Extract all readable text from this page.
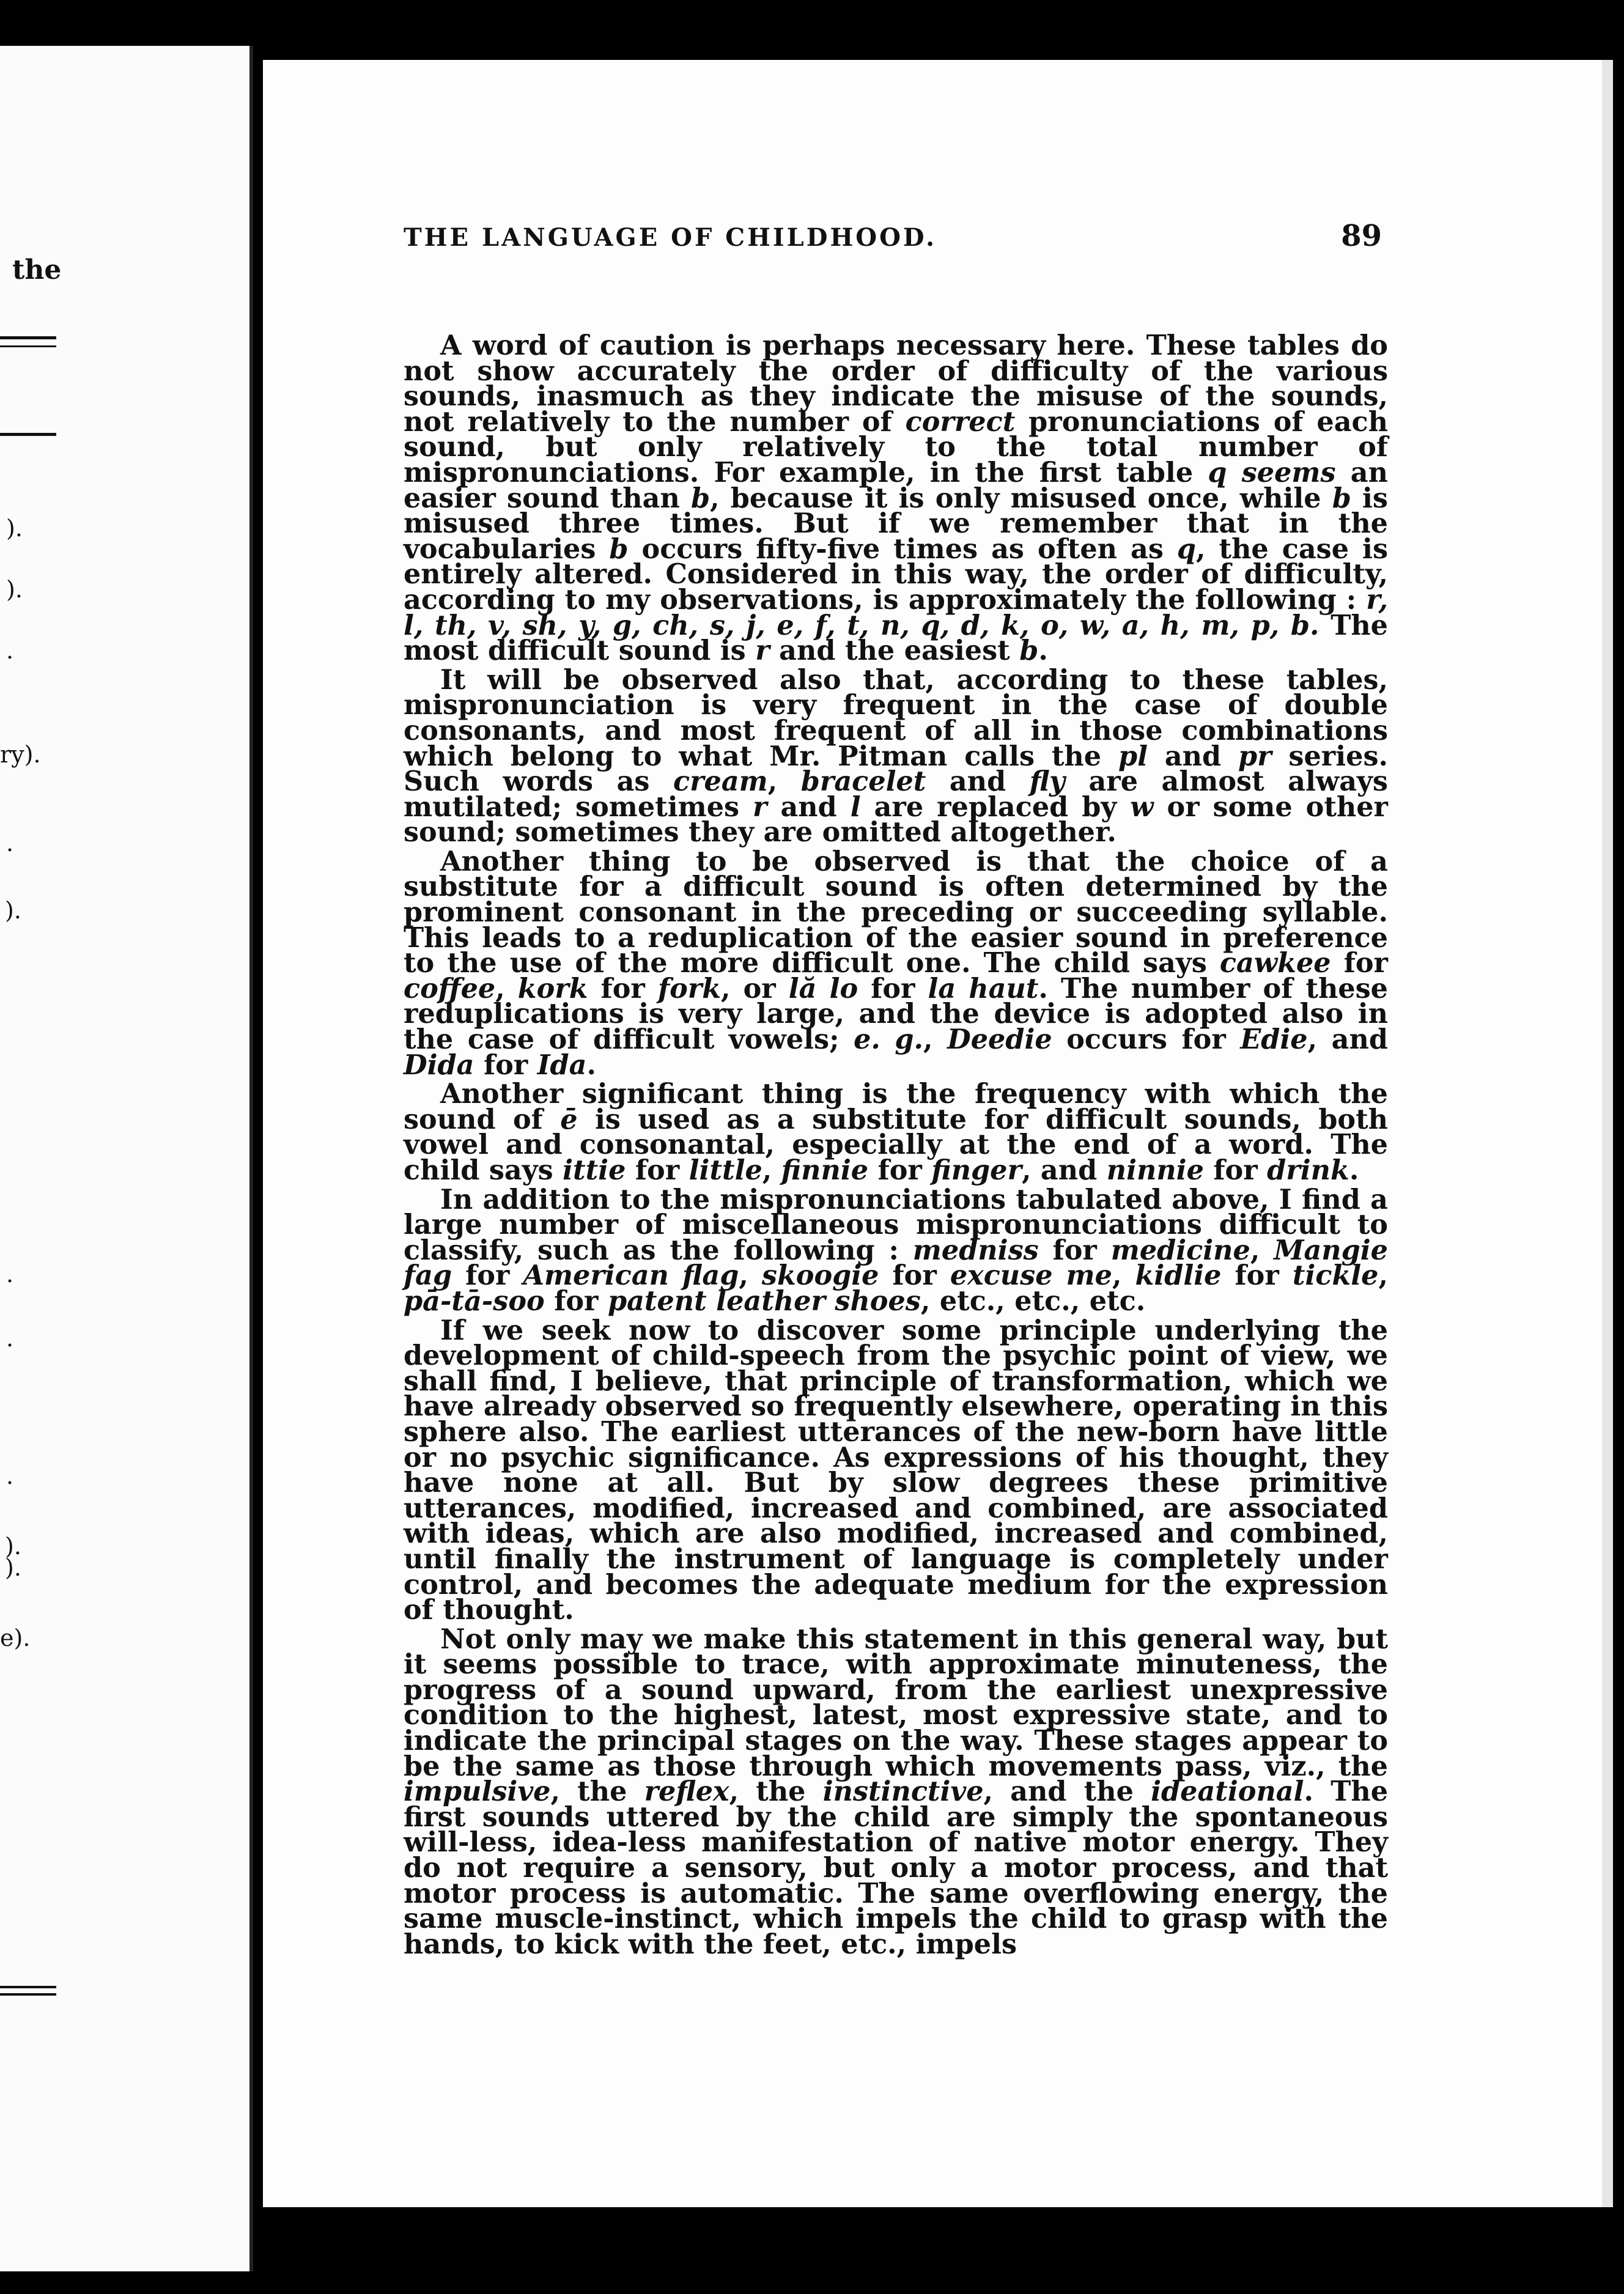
the
).
).
.
ry).
.
).
.
.
.
).
).
e).
THE LANGUAGE OF CHILDHOOD.	89

A word of caution is perhaps necessary here. These tables do not show accurately the order of difficulty of the various sounds, inasmuch as they indicate the misuse of the sounds, not relatively to the number of correct pronunciations of each sound, but only relatively to the total number of mispronunciations. For example, in the first table q seems an easier sound than b, because it is only misused once, while b is misused three times. But if we remember that in the vocabularies b occurs fifty-five times as often as q, the case is entirely altered. Considered in this way, the order of difficulty, according to my observations, is approximately the following : r, l, th, v, sh, y, g, ch, s, j, e, f, t, n, q, d, k, o, w, a, h, m, p, b. The most difficult sound is r and the easiest b.

It will be observed also that, according to these tables, mispronunciation is very frequent in the case of double consonants, and most frequent of all in those combinations which belong to what Mr. Pitman calls the pl and pr series. Such words as cream, bracelet and fly are almost always mutilated; sometimes r and l are replaced by w or some other sound; sometimes they are omitted altogether.

Another thing to be observed is that the choice of a substitute for a difficult sound is often determined by the prominent consonant in the preceding or succeeding syllable. This leads to a reduplication of the easier sound in preference to the use of the more difficult one. The child says cawkee for coffee, kork for fork, or lă lo for la haut. The number of these reduplications is very large, and the device is adopted also in the case of difficult vowels; e. g., Deedie occurs for Edie, and Dida for Ida.

Another significant thing is the frequency with which the sound of ē is used as a substitute for difficult sounds, both vowel and consonantal, especially at the end of a word. The child says ittie for little, finnie for finger, and ninnie for drink.

In addition to the mispronunciations tabulated above, I find a large number of miscellaneous mispronunciations difficult to classify, such as the following : medniss for medicine, Mangie fag for American flag, skoogie for excuse me, kidlie for tickle, pā-tā-soo for patent leather shoes, etc., etc., etc.

If we seek now to discover some principle underlying the development of child-speech from the psychic point of view, we shall find, I believe, that principle of transformation, which we have already observed so frequently elsewhere, operating in this sphere also. The earliest utterances of the new-born have little or no psychic significance. As expressions of his thought, they have none at all. But by slow degrees these primitive utterances, modified, increased and combined, are associated with ideas, which are also modified, increased and combined, until finally the instrument of language is completely under control, and becomes the adequate medium for the expression of thought.

Not only may we make this statement in this general way, but it seems possible to trace, with approximate minuteness, the progress of a sound upward, from the earliest unexpressive condition to the highest, latest, most expressive state, and to indicate the principal stages on the way. These stages appear to be the same as those through which movements pass, viz., the impulsive, the reflex, the instinctive, and the ideational. The first sounds uttered by the child are simply the spontaneous will-less, idea-less manifestation of native motor energy. They do not require a sensory, but only a motor process, and that motor process is automatic. The same overflowing energy, the same muscle-instinct, which impels the child to grasp with the hands, to kick with the feet, etc., impels
